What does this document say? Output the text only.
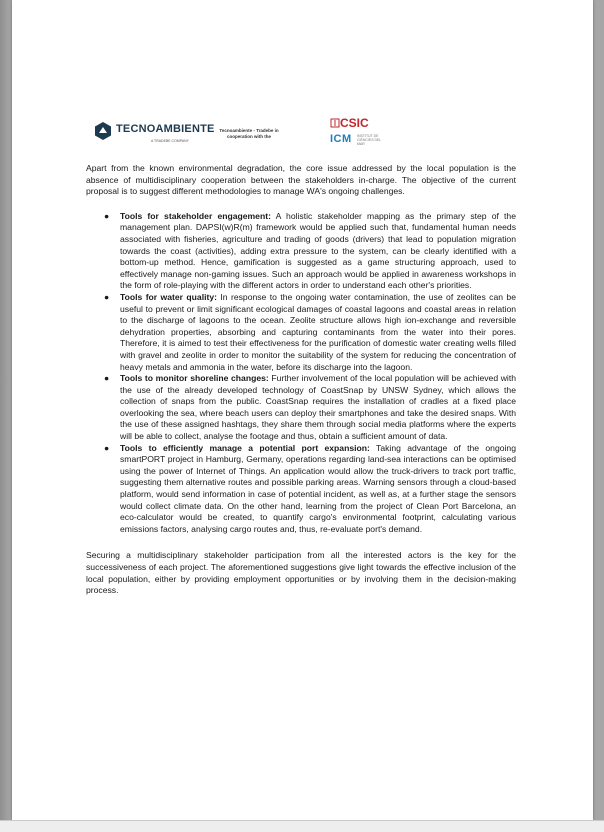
TECNOAMBIENTE
A TRADEBE COMPANY
Tecnoambiente - Tradebe in cooperation with the
CSIC
ICM INSTITUT DE CIÈNCIES DEL MAR

Apart from the known environmental degradation, the core issue addressed by the local population is the absence of multidisciplinary cooperation between the stakeholders in-charge. The objective of the current proposal is to suggest different methodologies to manage WA's ongoing challenges.

● Tools for stakeholder engagement: A holistic stakeholder mapping as the primary step of the management plan. DAPSI(w)R(m) framework would be applied such that, fundamental human needs associated with fisheries, agriculture and trading of goods (drivers) that lead to population migration towards the coast (activities), adding extra pressure to the system, can be clearly identified with a bottom-up method. Hence, gamification is suggested as a game structuring approach, used to effectively manage non-gaming issues. Such an approach would be applied in awareness workshops in the form of role-playing with the different actors in order to understand each other's priorities.
● Tools for water quality: In response to the ongoing water contamination, the use of zeolites can be useful to prevent or limit significant ecological damages of coastal lagoons and coastal areas in relation to the discharge of lagoons to the ocean. Zeolite structure allows high ion-exchange and reversible dehydration properties, absorbing and capturing contaminants from the water into their pores. Therefore, it is aimed to test their effectiveness for the purification of domestic water creating wells filled with gravel and zeolite in order to monitor the suitability of the system for reducing the concentration of heavy metals and ammonia in the water, before its discharge into the lagoon.
● Tools to monitor shoreline changes: Further involvement of the local population will be achieved with the use of the already developed technology of CoastSnap by UNSW Sydney, which allows the collection of snaps from the public. CoastSnap requires the installation of cradles at a fixed place overlooking the sea, where beach users can deploy their smartphones and take the desired snaps. With the use of these assigned hashtags, they share them through social media platforms where the experts will be able to collect, analyse the footage and thus, obtain a sufficient amount of data.
● Tools to efficiently manage a potential port expansion: Taking advantage of the ongoing smartPORT project in Hamburg, Germany, operations regarding land-sea interactions can be optimised using the power of Internet of Things. An application would allow the truck-drivers to track port traffic, suggesting them alternative routes and possible parking areas. Warning sensors through a cloud-based platform, would send information in case of potential incident, as well as, at a further stage the sensors would collect climate data. On the other hand, learning from the project of Clean Port Barcelona, an eco-calculator would be created, to quantify cargo's environmental footprint, calculating various emissions factors, analysing cargo routes and, thus, re-evaluate port's demand.

Securing a multidisciplinary stakeholder participation from all the interested actors is the key for the successiveness of each project. The aforementioned suggestions give light towards the effective inclusion of the local population, either by providing employment opportunities or by involving them in the decision-making process.
